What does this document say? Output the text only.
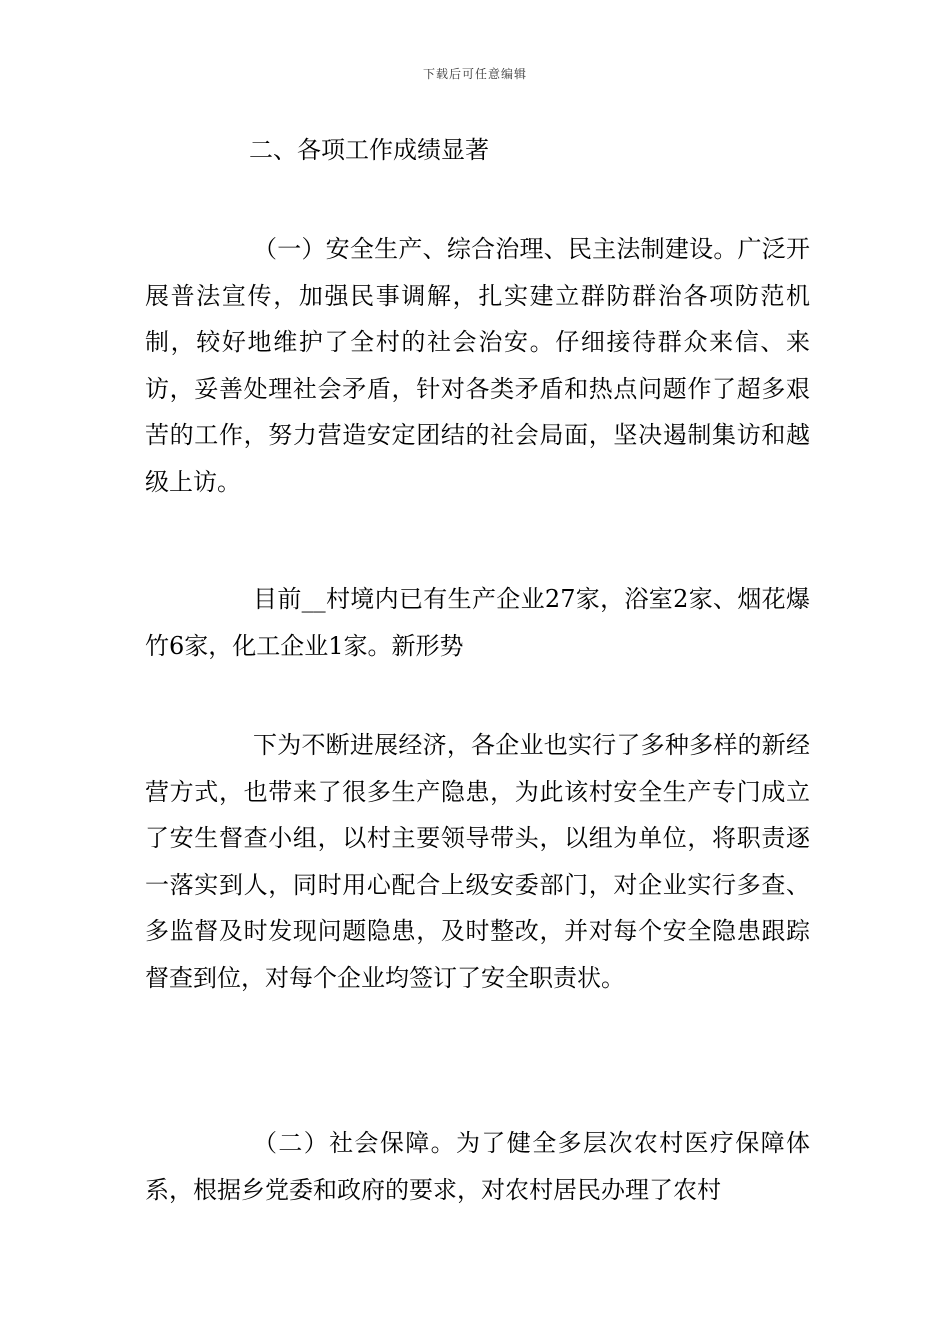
下载后可任意编辑
二、各项工作成绩显著

（一）安全生产、综合治理、民主法制建设。广泛开展普法宣传，加强民事调解，扎实建立群防群治各项防范机制，较好地维护了全村的社会治安。仔细接待群众来信、来访，妥善处理社会矛盾，针对各类矛盾和热点问题作了超多艰苦的工作，努力营造安定团结的社会局面，坚决遏制集访和越级上访。

目前__村境内已有生产企业27家，浴室2家、烟花爆竹6家，化工企业1家。新形势

下为不断进展经济，各企业也实行了多种多样的新经营方式，也带来了很多生产隐患，为此该村安全生产专门成立了安生督查小组，以村主要领导带头，以组为单位，将职责逐一落实到人，同时用心配合上级安委部门，对企业实行多查、多监督及时发现问题隐患，及时整改，并对每个安全隐患跟踪督查到位，对每个企业均签订了安全职责状。

（二）社会保障。为了健全多层次农村医疗保障体系，根据乡党委和政府的要求，对农村居民办理了农村
